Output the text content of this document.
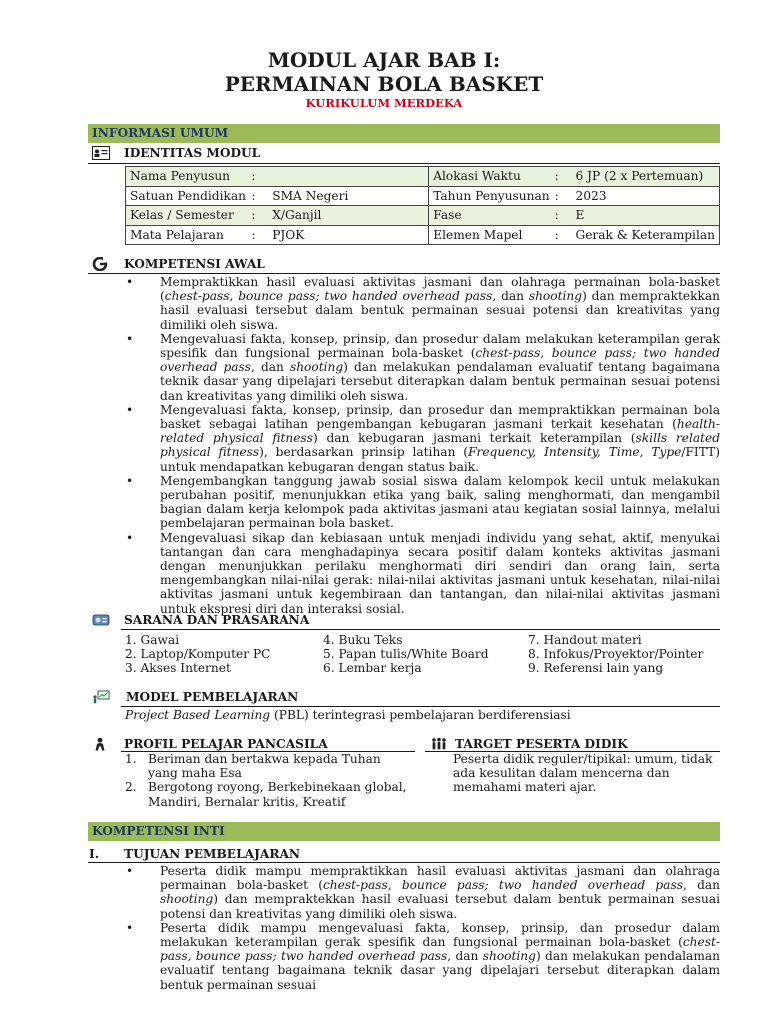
MODUL AJAR BAB I:
PERMAINAN BOLA BASKET
KURIKULUM MERDEKA
INFORMASI UMUM
IDENTITAS MODUL
Nama Penyusun	:		Alokasi Waktu	:	6 JP (2 x Pertemuan)
Satuan Pendidikan	:	SMA Negeri	Tahun Penyusunan	:	2023
Kelas / Semester	:	X/Ganjil	Fase	:	E
Mata Pelajaran	:	PJOK	Elemen Mapel	:	Gerak & Keterampilan
KOMPETENSI AWAL
• Mempraktikkan hasil evaluasi aktivitas jasmani dan olahraga permainan bola-basket (chest-pass, bounce pass; two handed overhead pass, dan shooting) dan mempraktekkan hasil evaluasi tersebut dalam bentuk permainan sesuai potensi dan kreativitas yang dimiliki oleh siswa.
• Mengevaluasi fakta, konsep, prinsip, dan prosedur dalam melakukan keterampilan gerak spesifik dan fungsional permainan bola-basket (chest-pass, bounce pass; two handed overhead pass, dan shooting) dan melakukan pendalaman evaluatif tentang bagaimana teknik dasar yang dipelajari tersebut diterapkan dalam bentuk permainan sesuai potensi dan kreativitas yang dimiliki oleh siswa.
• Mengevaluasi fakta, konsep, prinsip, dan prosedur dan mempraktikkan permainan bola basket sebagai latihan pengembangan kebugaran jasmani terkait kesehatan (health-related physical fitness) dan kebugaran jasmani terkait keterampilan (skills related physical fitness), berdasarkan prinsip latihan (Frequency, Intensity, Time, Type/FITT) untuk mendapatkan kebugaran dengan status baik.
• Mengembangkan tanggung jawab sosial siswa dalam kelompok kecil untuk melakukan perubahan positif, menunjukkan etika yang baik, saling menghormati, dan mengambil bagian dalam kerja kelompok pada aktivitas jasmani atau kegiatan sosial lainnya, melalui pembelajaran permainan bola basket.
• Mengevaluasi sikap dan kebiasaan untuk menjadi individu yang sehat, aktif, menyukai tantangan dan cara menghadapinya secara positif dalam konteks aktivitas jasmani dengan menunjukkan perilaku menghormati diri sendiri dan orang lain, serta mengembangkan nilai-nilai gerak: nilai-nilai aktivitas jasmani untuk kesehatan, nilai-nilai aktivitas jasmani untuk kegembiraan dan tantangan, dan nilai-nilai aktivitas jasmani untuk ekspresi diri dan interaksi sosial.
SARANA DAN PRASARANA
1. Gawai	4. Buku Teks	7. Handout materi
2. Laptop/Komputer PC	5. Papan tulis/White Board	8. Infokus/Proyektor/Pointer
3. Akses Internet	6. Lembar kerja	9. Referensi lain yang
MODEL PEMBELAJARAN
Project Based Learning (PBL) terintegrasi pembelajaran berdiferensiasi
PROFIL PELAJAR PANCASILA
1. Beriman dan bertakwa kepada Tuhan yang maha Esa
2. Bergotong royong, Berkebinekaan global, Mandiri, Bernalar kritis, Kreatif
TARGET PESERTA DIDIK
Peserta didik reguler/tipikal: umum, tidak ada kesulitan dalam mencerna dan memahami materi ajar.
KOMPETENSI INTI
I. TUJUAN PEMBELAJARAN
• Peserta didik mampu mempraktikkan hasil evaluasi aktivitas jasmani dan olahraga permainan bola-basket (chest-pass, bounce pass; two handed overhead pass, dan shooting) dan mempraktekkan hasil evaluasi tersebut dalam bentuk permainan sesuai potensi dan kreativitas yang dimiliki oleh siswa.
• Peserta didik mampu mengevaluasi fakta, konsep, prinsip, dan prosedur dalam melakukan keterampilan gerak spesifik dan fungsional permainan bola-basket (chest-pass, bounce pass; two handed overhead pass, dan shooting) dan melakukan pendalaman evaluatif tentang bagaimana teknik dasar yang dipelajari tersebut diterapkan dalam bentuk permainan sesuai
